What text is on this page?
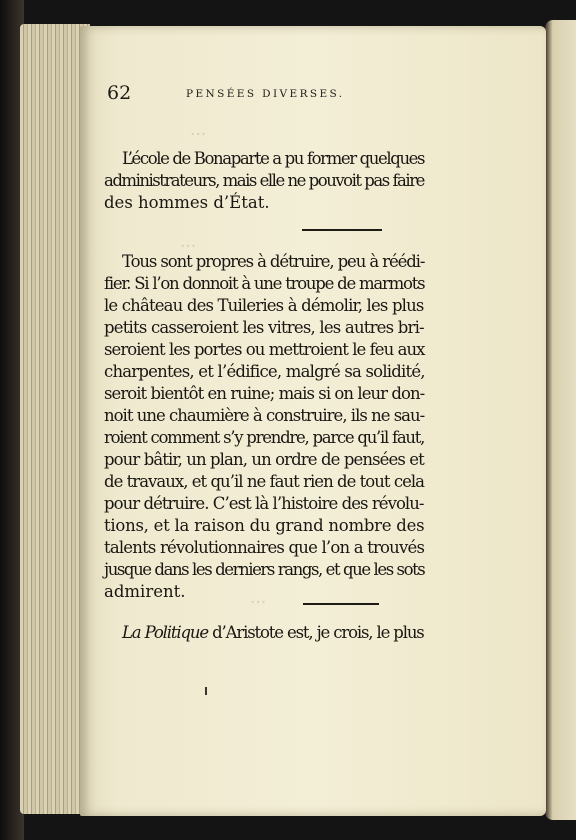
...
...
...
62	PENSÉES DIVERSES.
L’école de Bonaparte a pu former quelques
administrateurs, mais elle ne pouvoit pas faire
des hommes d’État.
Tous sont propres à détruire, peu à réédi-
fier. Si l’on donnoit à une troupe de marmots
le château des Tuileries à démolir, les plus
petits casseroient les vitres, les autres bri-
seroient les portes ou mettroient le feu aux
charpentes, et l’édifice, malgré sa solidité,
seroit bientôt en ruine; mais si on leur don-
noit une chaumière à construire, ils ne sau-
roient comment s’y prendre, parce qu’il faut,
pour bâtir, un plan, un ordre de pensées et
de travaux, et qu’il ne faut rien de tout cela
pour détruire. C’est là l’histoire des révolu-
tions, et la raison du grand nombre des
talents révolutionnaires que l’on a trouvés
jusque dans les derniers rangs, et que les sots
admirent.
La Politique d’Aristote est, je crois, le plus
